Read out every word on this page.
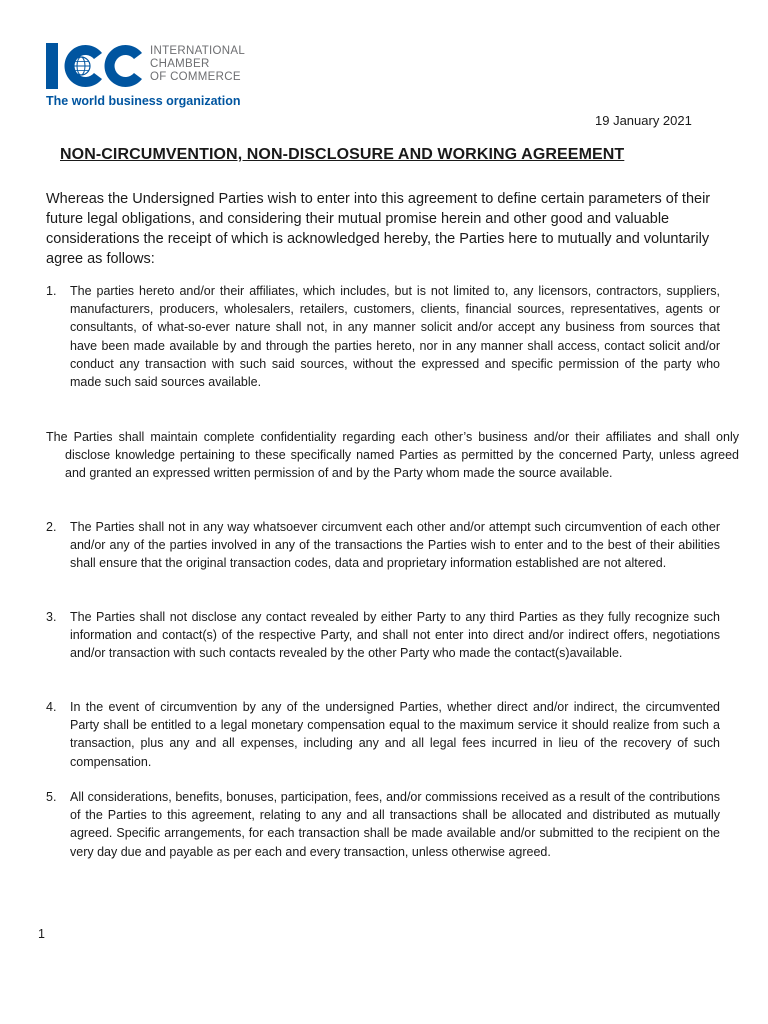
INTERNATIONAL
CHAMBER
OF COMMERCE
The world business organization
19 January 2021
NON-CIRCUMVENTION, NON-DISCLOSURE AND WORKING AGREEMENT

Whereas the Undersigned Parties wish to enter into this agreement to define certain parameters of their future legal obligations, and considering their mutual promise herein and other good and valuable considerations the receipt of which is acknowledged hereby, the Parties here to mutually and voluntarily agree as follows:

1. The parties hereto and/or their affiliates, which includes, but is not limited to, any licensors, contractors, suppliers, manufacturers, producers, wholesalers, retailers, customers, clients, financial sources, representatives, agents or consultants, of what-so-ever nature shall not, in any manner solicit and/or accept any business from sources that have been made available by and through the parties hereto, nor in any manner shall access, contact solicit and/or conduct any transaction with such said sources, without the expressed and specific permission of the party who made such said sources available.

The Parties shall maintain complete confidentiality regarding each other’s business and/or their affiliates and shall only disclose knowledge pertaining to these specifically named Parties as permitted by the concerned Party, unless agreed and granted an expressed written permission of and by the Party whom made the source available.

2. The Parties shall not in any way whatsoever circumvent each other and/or attempt such circumvention of each other and/or any of the parties involved in any of the transactions the Parties wish to enter and to the best of their abilities shall ensure that the original transaction codes, data and proprietary information established are not altered.

3. The Parties shall not disclose any contact revealed by either Party to any third Parties as they fully recognize such information and contact(s) of the respective Party, and shall not enter into direct and/or indirect offers, negotiations and/or transaction with such contacts revealed by the other Party who made the contact(s)available.

4. In the event of circumvention by any of the undersigned Parties, whether direct and/or indirect, the circumvented Party shall be entitled to a legal monetary compensation equal to the maximum service it should realize from such a transaction, plus any and all expenses, including any and all legal fees incurred in lieu of the recovery of such compensation.

5. All considerations, benefits, bonuses, participation, fees, and/or commissions received as a result of the contributions of the Parties to this agreement, relating to any and all transactions shall be allocated and distributed as mutually agreed. Specific arrangements, for each transaction shall be made available and/or submitted to the recipient on the very day due and payable as per each and every transaction, unless otherwise agreed.

1
